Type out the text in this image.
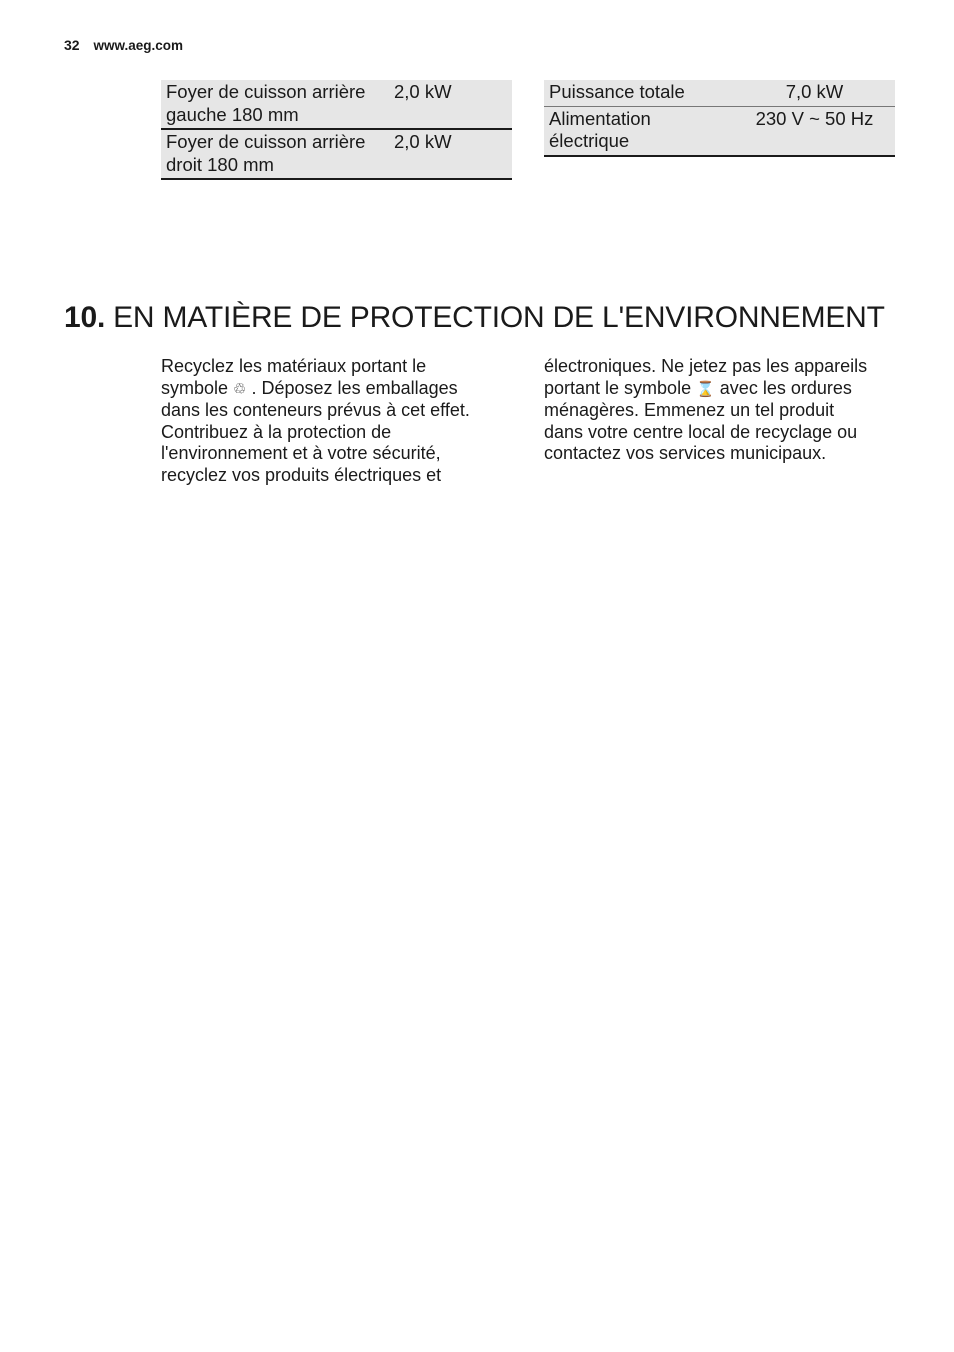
32 www.aeg.com
Foyer de cuisson arrière gauche 180 mm	2,0 kW
Foyer de cuisson arrière droit 180 mm	2,0 kW
Puissance totale	7,0 kW
Alimentation électrique	230 V ~ 50 Hz
10. EN MATIÈRE DE PROTECTION DE L'ENVIRONNEMENT

Recyclez les matériaux portant le symbole ♲ . Déposez les emballages dans les conteneurs prévus à cet effet.

Contribuez à la protection de l'environnement et à votre sécurité, recyclez vos produits électriques et

électroniques. Ne jetez pas les appareils portant le symbole ⌛ avec les ordures ménagères. Emmenez un tel produit dans votre centre local de recyclage ou contactez vos services municipaux.
